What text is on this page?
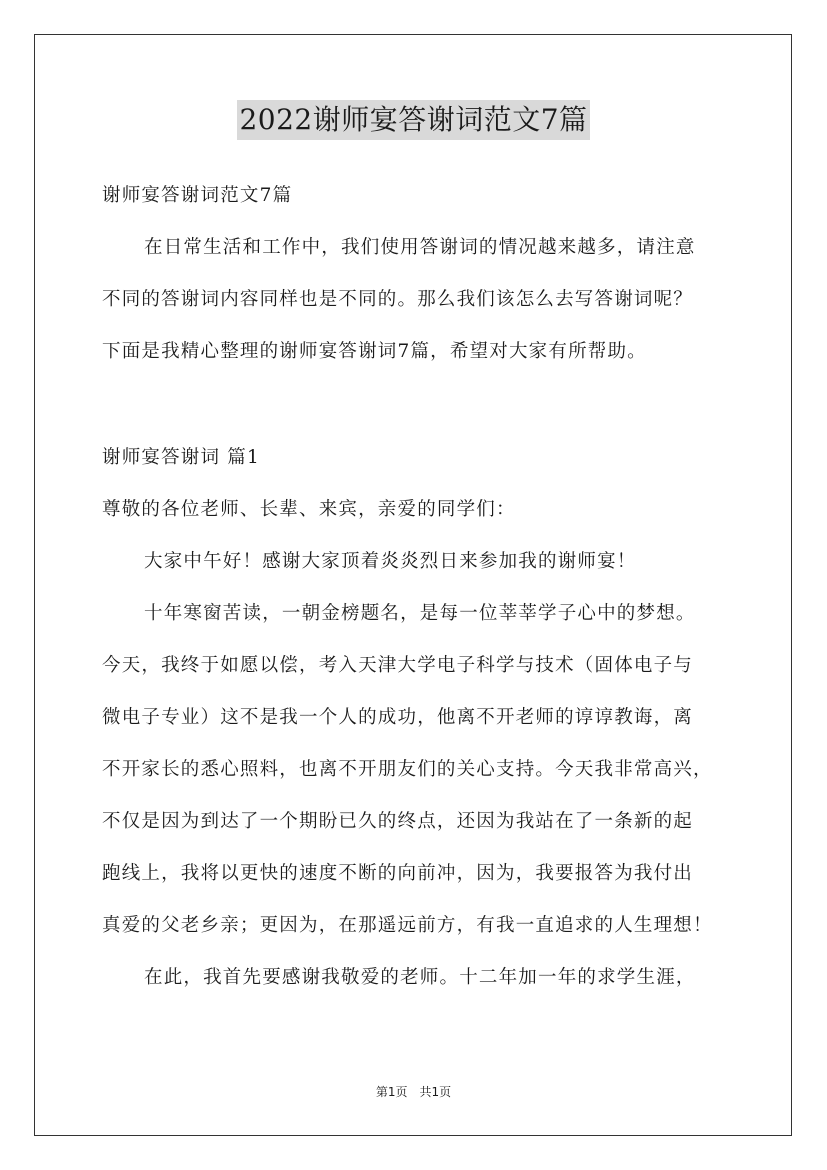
2022谢师宴答谢词范文7篇
谢师宴答谢词范文7篇
在日常生活和工作中，我们使用答谢词的情况越来越多，请注意
不同的答谢词内容同样也是不同的。那么我们该怎么去写答谢词呢？
下面是我精心整理的谢师宴答谢词7篇，希望对大家有所帮助。
谢师宴答谢词 篇1
尊敬的各位老师、长辈、来宾，亲爱的同学们：
大家中午好！感谢大家顶着炎炎烈日来参加我的谢师宴！
十年寒窗苦读，一朝金榜题名，是每一位莘莘学子心中的梦想。
今天，我终于如愿以偿，考入天津大学电子科学与技术（固体电子与
微电子专业）这不是我一个人的成功，他离不开老师的谆谆教诲，离
不开家长的悉心照料，也离不开朋友们的关心支持。今天我非常高兴，
不仅是因为到达了一个期盼已久的终点，还因为我站在了一条新的起
跑线上，我将以更快的速度不断的向前冲，因为，我要报答为我付出
真爱的父老乡亲；更因为，在那遥远前方，有我一直追求的人生理想！
在此，我首先要感谢我敬爱的老师。十二年加一年的求学生涯，
第1页　共1页
